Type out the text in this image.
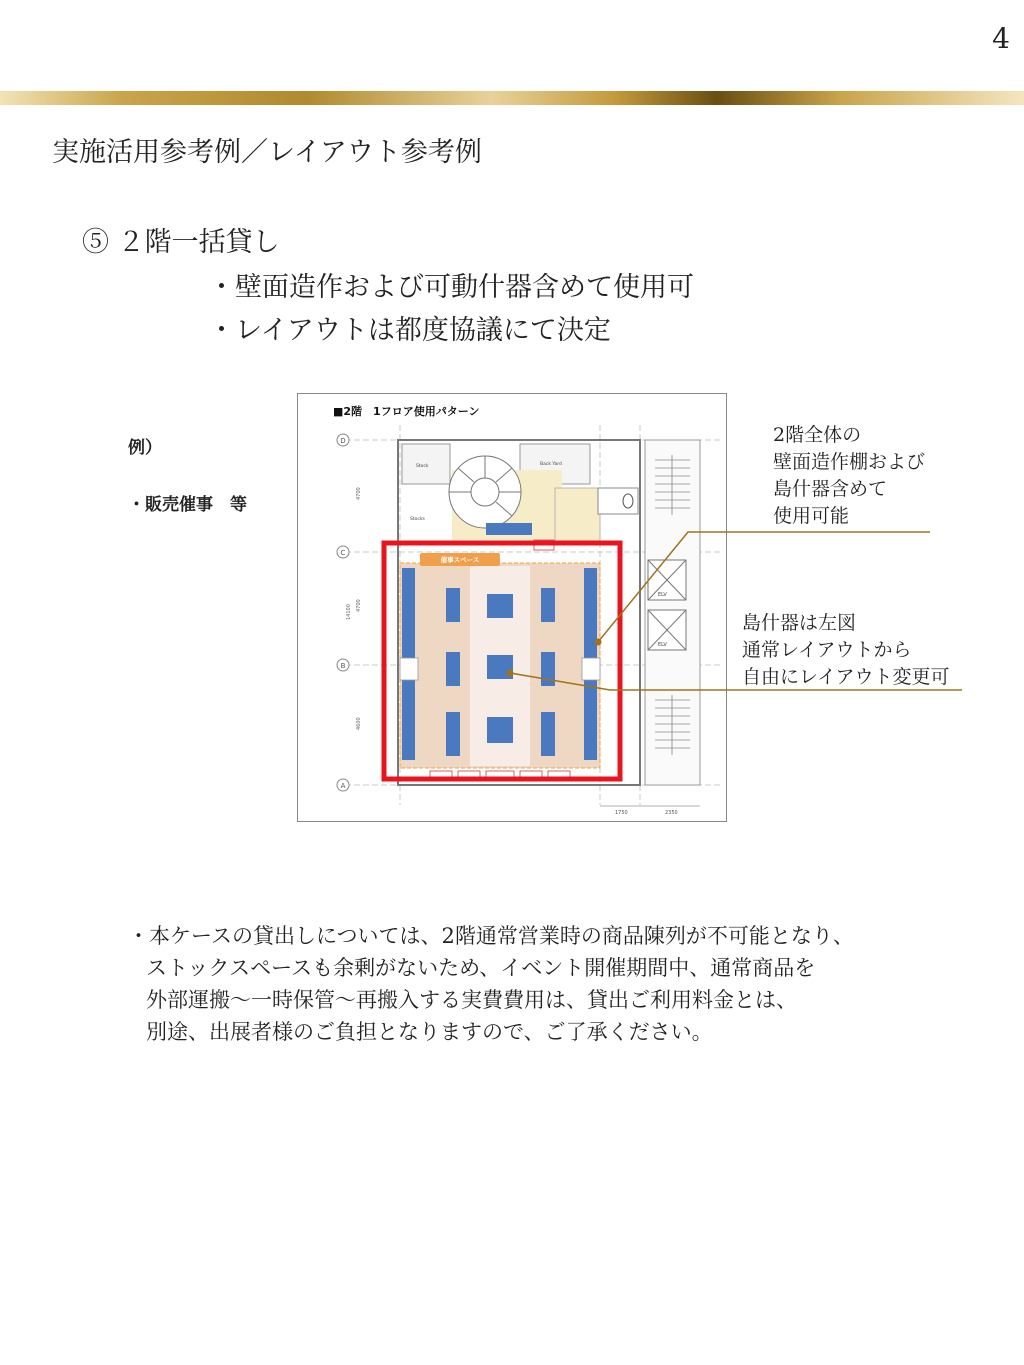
4
実施活用参考例／レイアウト参考例
⑤ ２階一括貸し
・壁面造作および可動什器含めて使用可
・レイアウトは都度協議にて決定
例）
・販売催事　等
■2階　1フロア使用パターン
D
C
B
A
4700
4700
14100
4600
Stock	Back Yard
Stocks
ELV
ELV
催事スペース
1750	2350
2階全体の
壁面造作棚および
島什器含めて
使用可能
島什器は左図
通常レイアウトから
自由にレイアウト変更可

・本ケースの貸出しについては、2階通常営業時の商品陳列が不可能となり、

ストックスペースも余剰がないため、イベント開催期間中、通常商品を

外部運搬～一時保管～再搬入する実費費用は、貸出ご利用料金とは、

別途、出展者様のご負担となりますので、ご了承ください。
